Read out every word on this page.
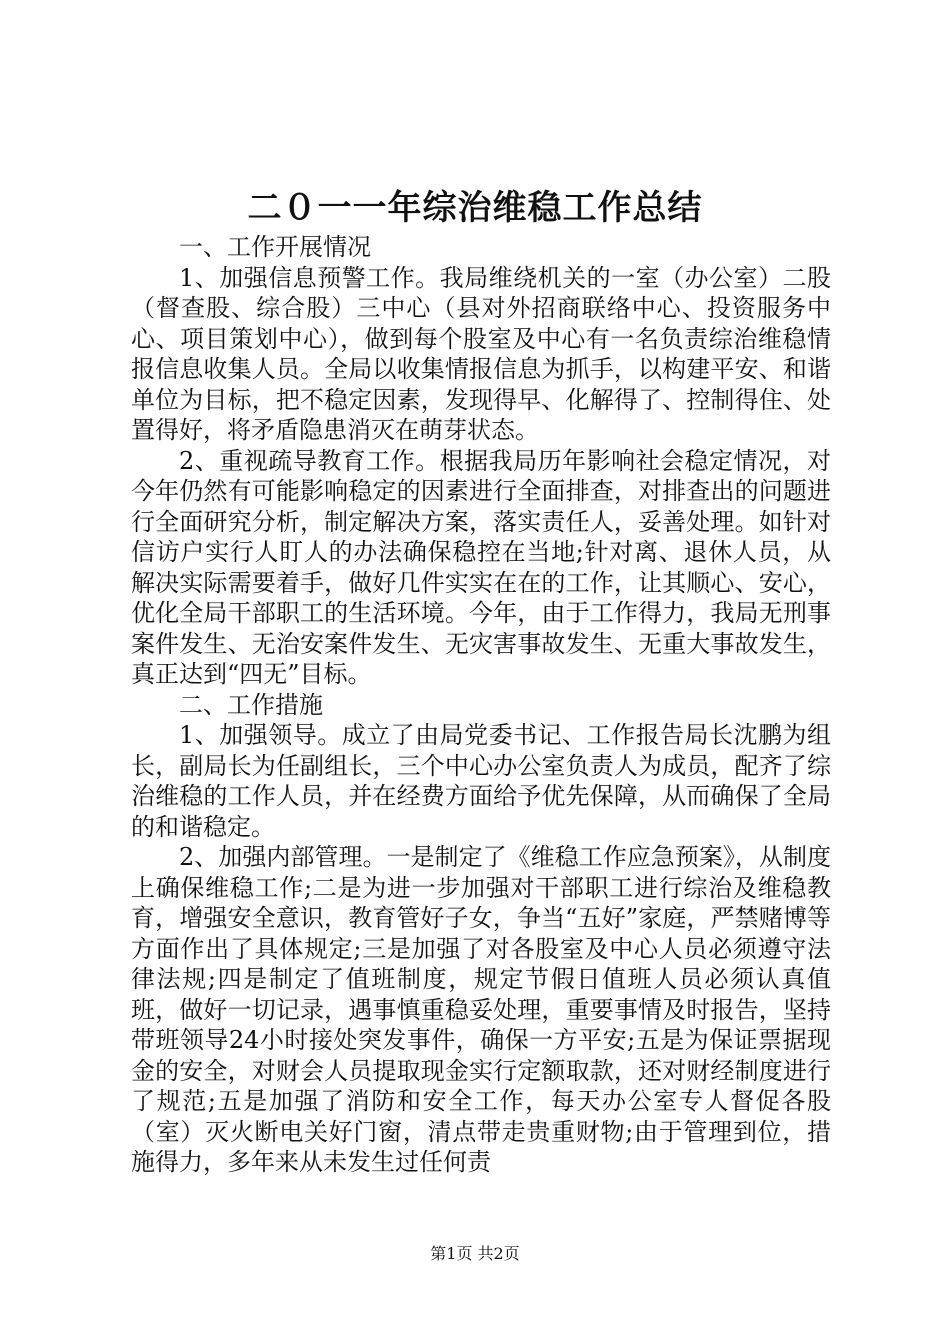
二０一一年综治维稳工作总结

一、工作开展情况

1、加强信息预警工作。我局维绕机关的一室（办公室）二股（督查股、综合股）三中心（县对外招商联络中心、投资服务中心、项目策划中心），做到每个股室及中心有一名负责综治维稳情报信息收集人员。全局以收集情报信息为抓手，以构建平安、和谐单位为目标，把不稳定因素，发现得早、化解得了、控制得住、处置得好，将矛盾隐患消灭在萌芽状态。

2、重视疏导教育工作。根据我局历年影响社会稳定情况，对今年仍然有可能影响稳定的因素进行全面排查，对排查出的问题进行全面研究分析，制定解决方案，落实责任人，妥善处理。如针对信访户实行人盯人的办法确保稳控在当地;针对离、退休人员，从解决实际需要着手，做好几件实实在在的工作，让其顺心、安心，优化全局干部职工的生活环境。今年，由于工作得力，我局无刑事案件发生、无治安案件发生、无灾害事故发生、无重大事故发生，真正达到“四无”目标。

二、工作措施

1、加强领导。成立了由局党委书记、工作报告局长沈鹏为组长，副局长为任副组长，三个中心办公室负责人为成员，配齐了综治维稳的工作人员，并在经费方面给予优先保障，从而确保了全局的和谐稳定。

2、加强内部管理。一是制定了《维稳工作应急预案》，从制度上确保维稳工作;二是为进一步加强对干部职工进行综治及维稳教育，增强安全意识，教育管好子女，争当“五好”家庭，严禁赌博等方面作出了具体规定;三是加强了对各股室及中心人员必须遵守法律法规;四是制定了值班制度，规定节假日值班人员必须认真值班，做好一切记录，遇事慎重稳妥处理，重要事情及时报告，坚持带班领导24小时接处突发事件，确保一方平安;五是为保证票据现金的安全，对财会人员提取现金实行定额取款，还对财经制度进行了规范;五是加强了消防和安全工作，每天办公室专人督促各股（室）灭火断电关好门窗，清点带走贵重财物;由于管理到位，措施得力，多年来从未发生过任何责

第1页 共2页
